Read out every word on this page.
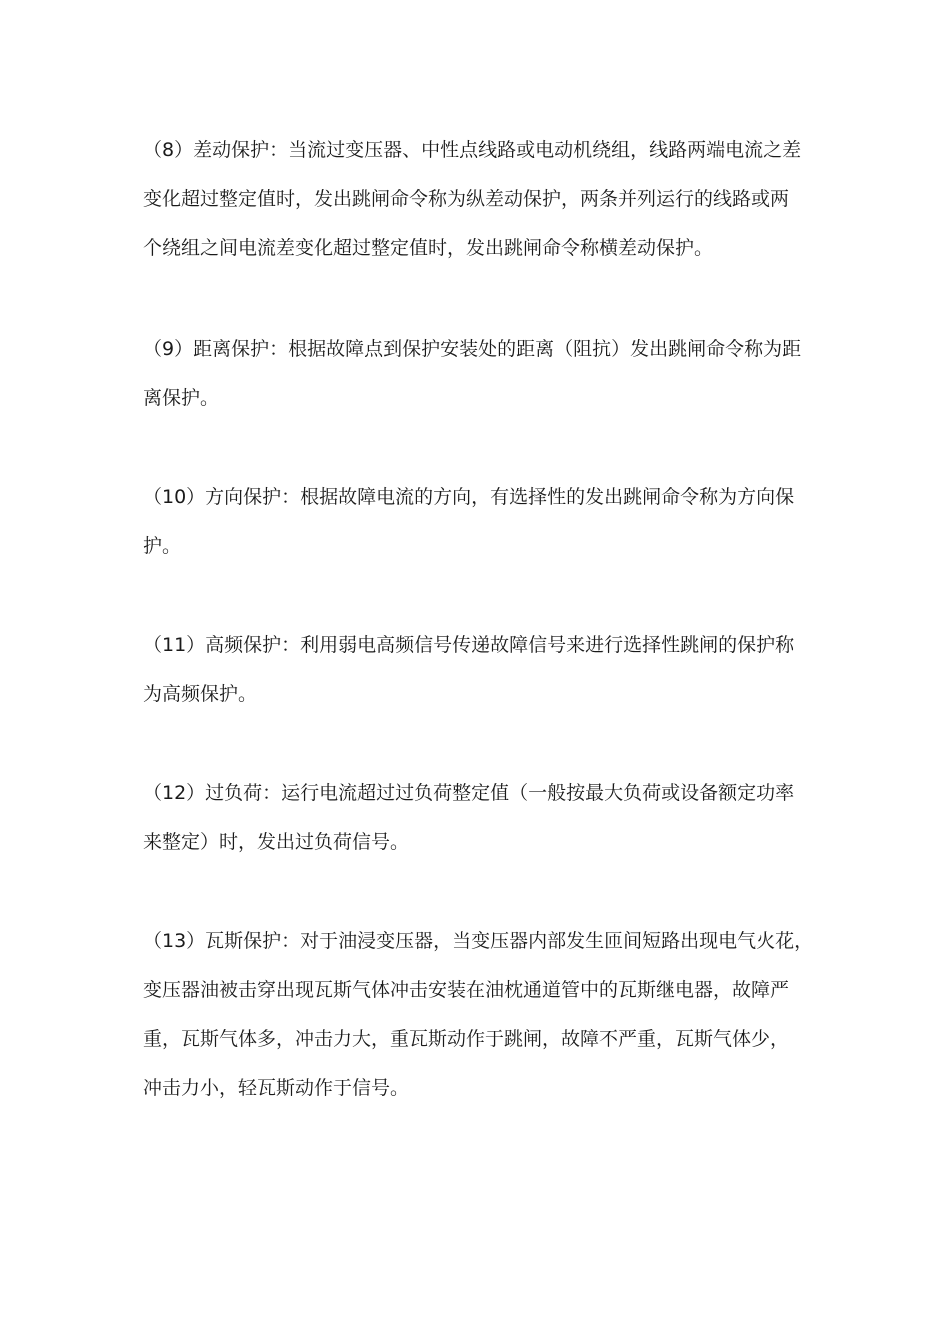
（8）差动保护：当流过变压器、中性点线路或电动机绕组，线路两端电流之差
变化超过整定值时，发出跳闸命令称为纵差动保护，两条并列运行的线路或两
个绕组之间电流差变化超过整定值时，发出跳闸命令称横差动保护。
（9）距离保护：根据故障点到保护安装处的距离（阻抗）发出跳闸命令称为距
离保护。
（10）方向保护：根据故障电流的方向，有选择性的发出跳闸命令称为方向保
护。
（11）高频保护：利用弱电高频信号传递故障信号来进行选择性跳闸的保护称
为高频保护。
（12）过负荷：运行电流超过过负荷整定值（一般按最大负荷或设备额定功率
来整定）时，发出过负荷信号。
（13）瓦斯保护：对于油浸变压器，当变压器内部发生匝间短路出现电气火花，
变压器油被击穿出现瓦斯气体冲击安装在油枕通道管中的瓦斯继电器，故障严
重，瓦斯气体多，冲击力大，重瓦斯动作于跳闸，故障不严重，瓦斯气体少，
冲击力小，轻瓦斯动作于信号。
